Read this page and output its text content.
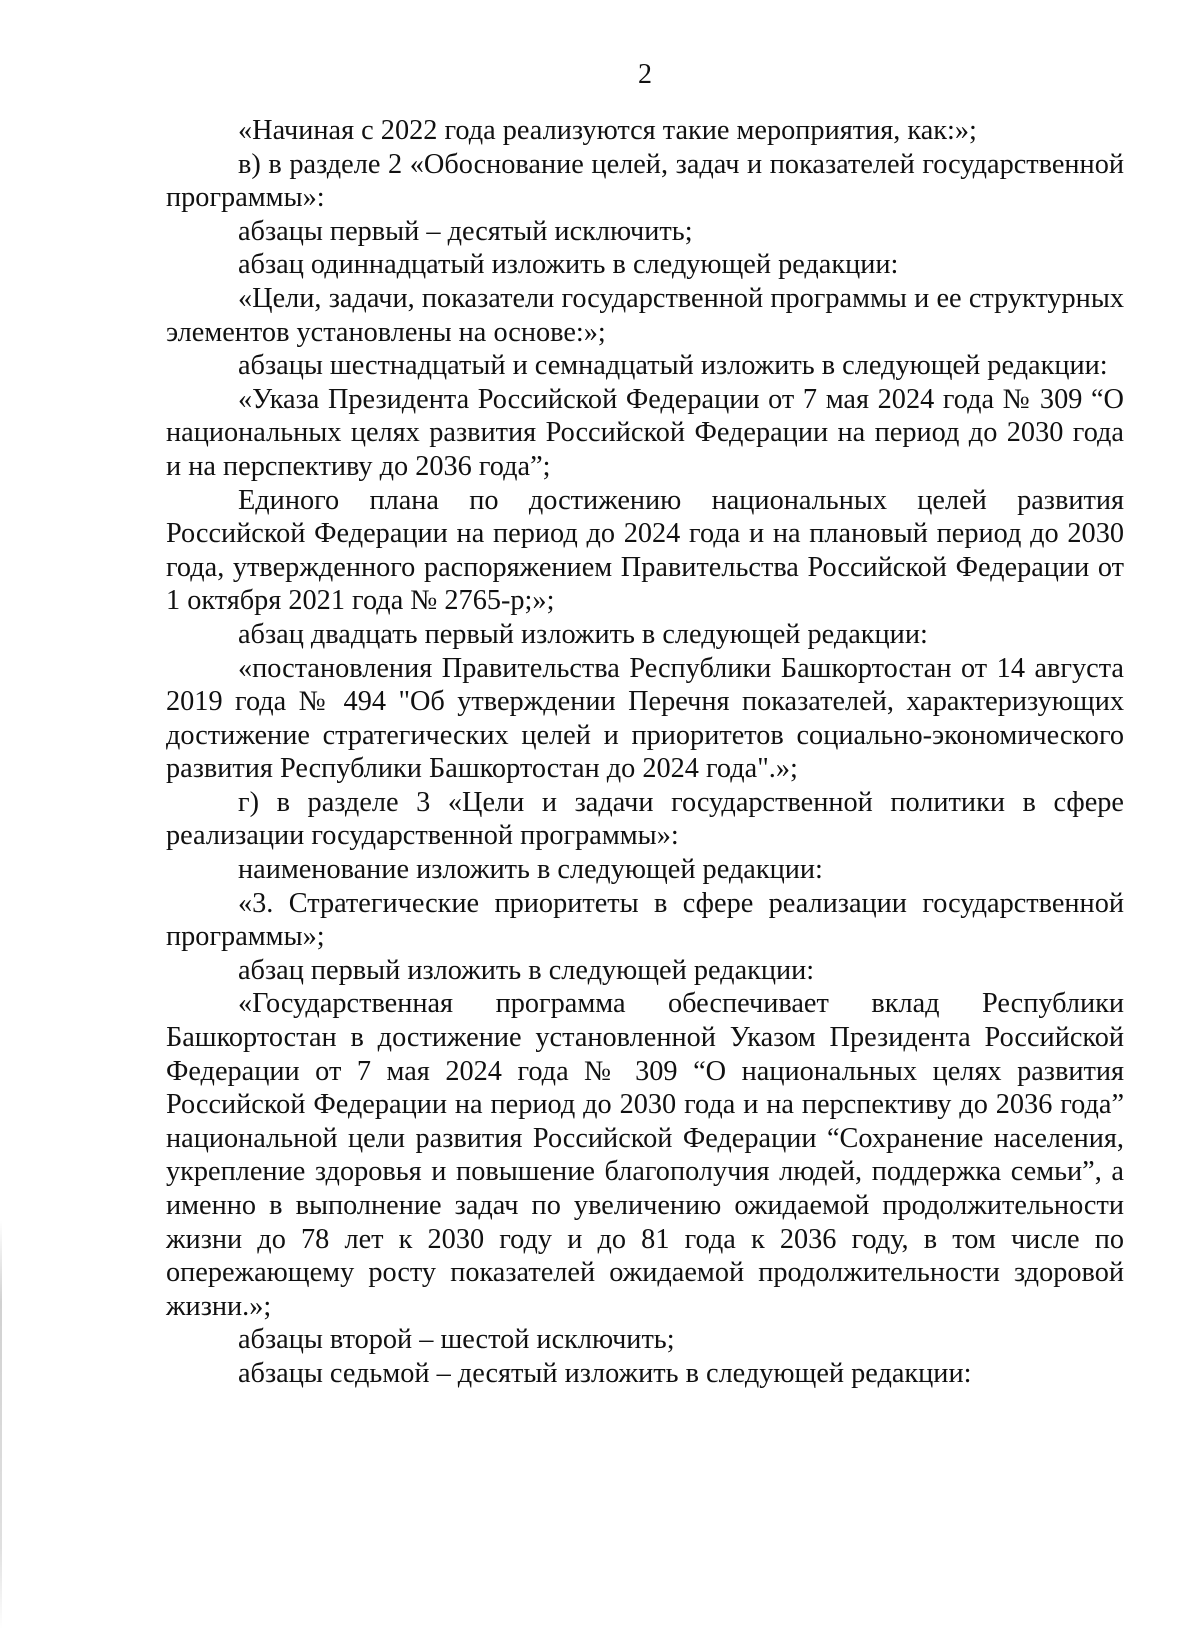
2

«Начиная с 2022 года реализуются такие мероприятия, как:»;

в) в разделе 2 «Обоснование целей, задач и показателей государственной программы»:

абзацы первый – десятый исключить;

абзац одиннадцатый изложить в следующей редакции:

«Цели, задачи, показатели государственной программы и ее структурных элементов установлены на основе:»;

абзацы шестнадцатый и семнадцатый изложить в следующей редакции:

«Указа Президента Российской Федерации от 7 мая 2024 года № 309 “О национальных целях развития Российской Федерации на период до 2030 года и на перспективу до 2036 года”;

Единого плана по достижению национальных целей развития Российской Федерации на период до 2024 года и на плановый период до 2030 года, утвержденного распоряжением Правительства Российской Федерации от 1 октября 2021 года № 2765-р;»;

абзац двадцать первый изложить в следующей редакции:

«постановления Правительства Республики Башкортостан от 14 августа 2019 года № 494 "Об утверждении Перечня показателей, характеризующих достижение стратегических целей и приоритетов социально-экономического развития Республики Башкортостан до 2024 года".»;

г) в разделе 3 «Цели и задачи государственной политики в сфере реализации государственной программы»:

наименование изложить в следующей редакции:

«3. Стратегические приоритеты в сфере реализации государственной программы»;

абзац первый изложить в следующей редакции:

«Государственная программа обеспечивает вклад Республики Башкортостан в достижение установленной Указом Президента Российской Федерации от 7 мая 2024 года № 309 “О национальных целях развития Российской Федерации на период до 2030 года и на перспективу до 2036 года” национальной цели развития Российской Федерации “Сохранение населения, укрепление здоровья и повышение благополучия людей, поддержка семьи”, а именно в выполнение задач по увеличению ожидаемой продолжительности жизни до 78 лет к 2030 году и до 81 года к 2036 году, в том числе по опережающему росту показателей ожидаемой продолжительности здоровой жизни.»;

абзацы второй – шестой исключить;

абзацы седьмой – десятый изложить в следующей редакции:
